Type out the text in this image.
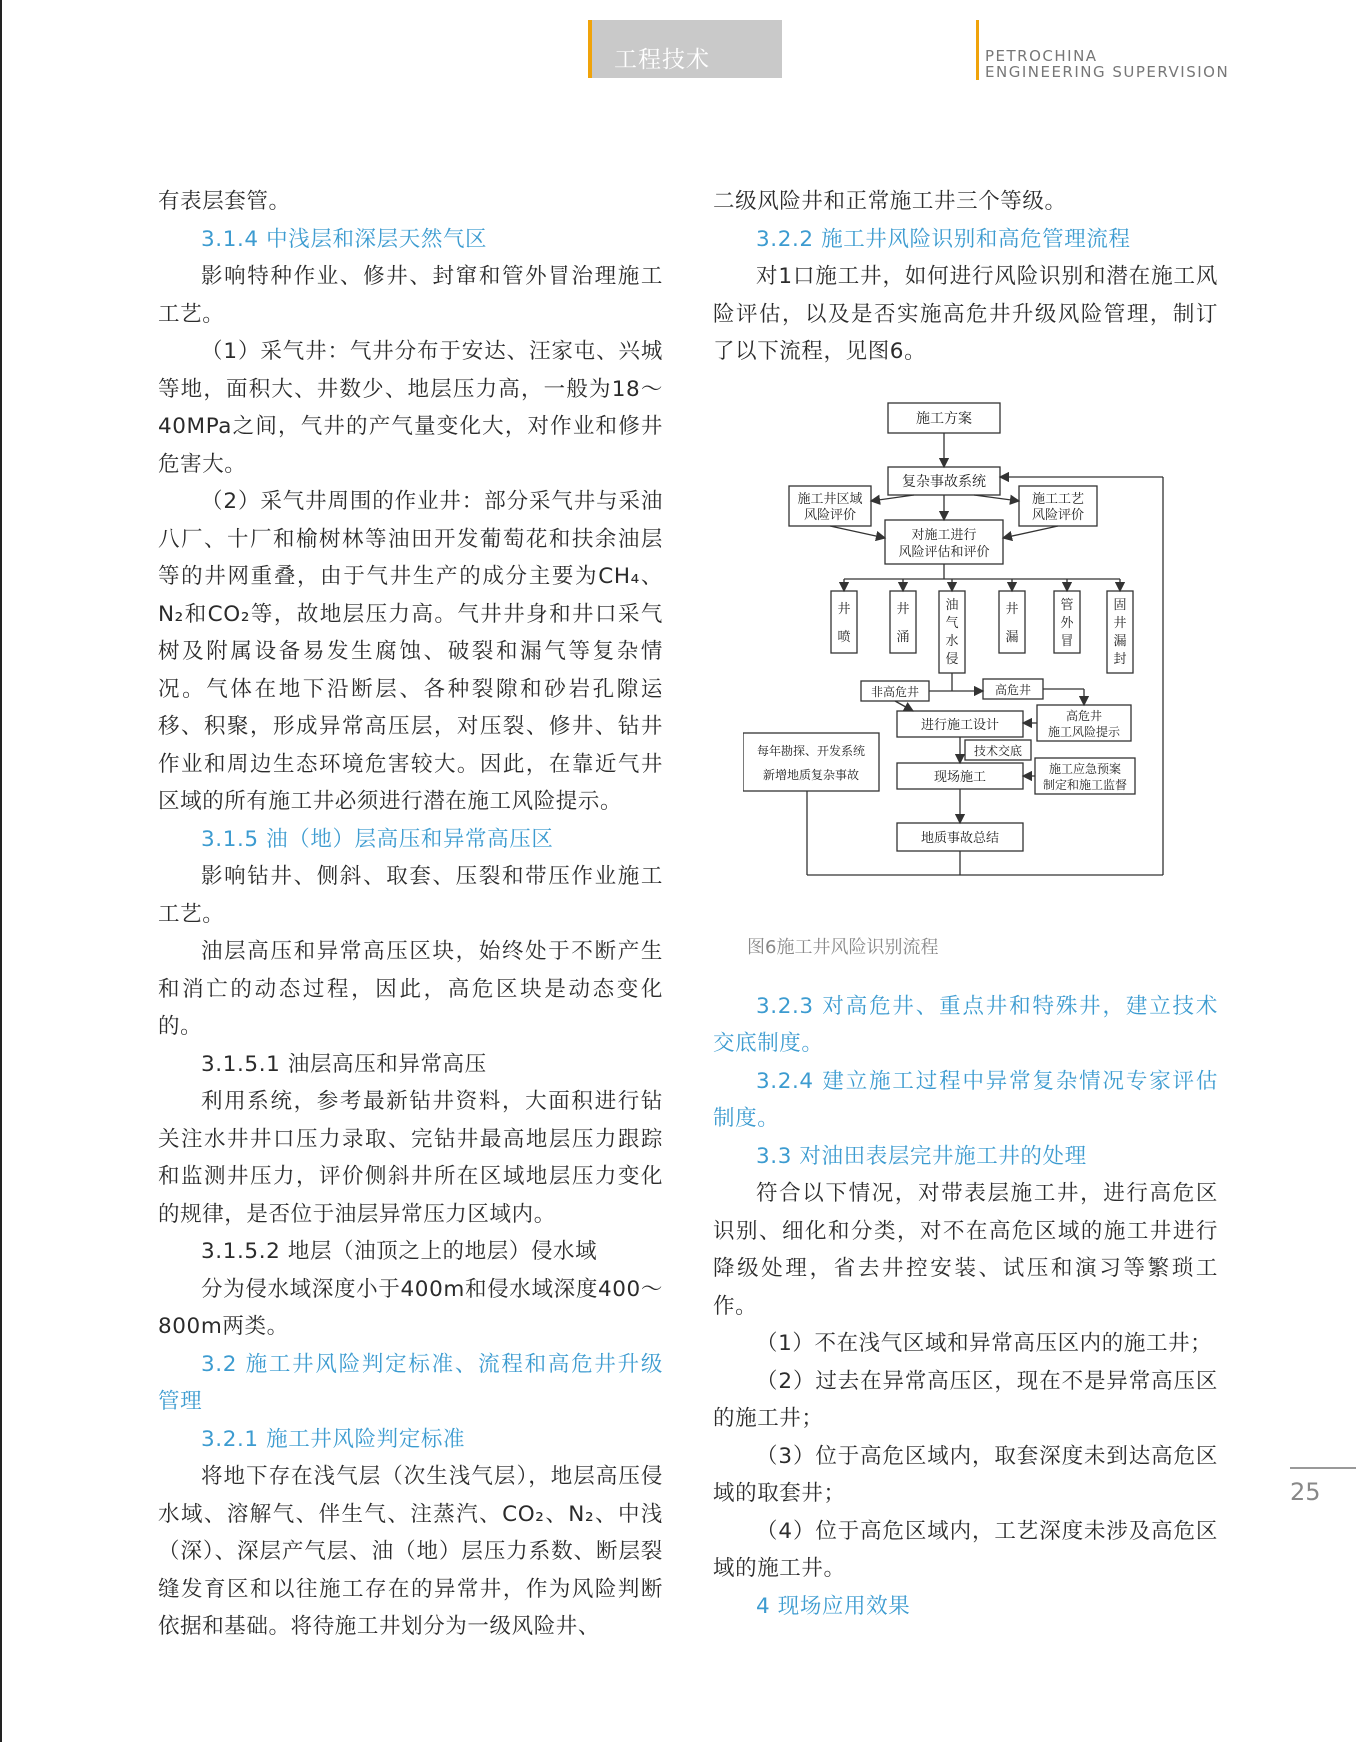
工程技术	PETROCHINA
ENGINEERING SUPERVISION

有表层套管。

3.1.4 中浅层和深层天然气区

影响特种作业、修井、封窜和管外冒治理施工工艺。

（1）采气井：气井分布于安达、汪家屯、兴城等地，面积大、井数少、地层压力高，一般为18～40MPa之间，气井的产气量变化大，对作业和修井危害大。

（2）采气井周围的作业井：部分采气井与采油八厂、十厂和榆树林等油田开发葡萄花和扶余油层等的井网重叠，由于气井生产的成分主要为CH₄、N₂和CO₂等，故地层压力高。气井井身和井口采气树及附属设备易发生腐蚀、破裂和漏气等复杂情况。气体在地下沿断层、各种裂隙和砂岩孔隙运移、积聚，形成异常高压层，对压裂、修井、钻井作业和周边生态环境危害较大。因此，在靠近气井区域的所有施工井必须进行潜在施工风险提示。

3.1.5 油（地）层高压和异常高压区

影响钻井、侧斜、取套、压裂和带压作业施工工艺。

油层高压和异常高压区块，始终处于不断产生和消亡的动态过程，因此，高危区块是动态变化的。

3.1.5.1 油层高压和异常高压

利用系统，参考最新钻井资料，大面积进行钻关注水井井口压力录取、完钻井最高地层压力跟踪和监测井压力，评价侧斜井所在区域地层压力变化的规律，是否位于油层异常压力区域内。

3.1.5.2 地层（油顶之上的地层）侵水域

分为侵水域深度小于400m和侵水域深度400～800m两类。

3.2 施工井风险判定标准、流程和高危井升级管理

3.2.1 施工井风险判定标准

将地下存在浅气层（次生浅气层），地层高压侵水域、溶解气、伴生气、注蒸汽、CO₂、N₂、中浅（深）、深层产气层、油（地）层压力系数、断层裂缝发育区和以往施工存在的异常井，作为风险判断依据和基础。将待施工井划分为一级风险井、

二级风险井和正常施工井三个等级。

3.2.2 施工井风险识别和高危管理流程

对1口施工井，如何进行风险识别和潜在施工风险评估，以及是否实施高危井升级风险管理，制订了以下流程，见图6。

施工方案
复杂事故系统
施工井区域
风险评价
施工工艺
风险评价
对施工进行
风险评估和评价
井
喷
井
涌
油
气
水
侵
井
漏
管
外
冒
固
井
漏
封
非高危井	高危井
进行施工设计
高危井
施工风险提示
技术交底
每年勘探、开发系统
新增地质复杂事故	现场施工
施工应急预案
制定和施工监督
地质事故总结
图6施工井风险识别流程

3.2.3 对高危井、重点井和特殊井，建立技术交底制度。

3.2.4 建立施工过程中异常复杂情况专家评估制度。

3.3 对油田表层完井施工井的处理

符合以下情况，对带表层施工井，进行高危区识别、细化和分类，对不在高危区域的施工井进行降级处理，省去井控安装、试压和演习等繁琐工作。

（1）不在浅气区域和异常高压区内的施工井；

（2）过去在异常高压区，现在不是异常高压区的施工井；

（3）位于高危区域内，取套深度未到达高危区域的取套井；

（4）位于高危区域内，工艺深度未涉及高危区域的施工井。

4 现场应用效果

25
